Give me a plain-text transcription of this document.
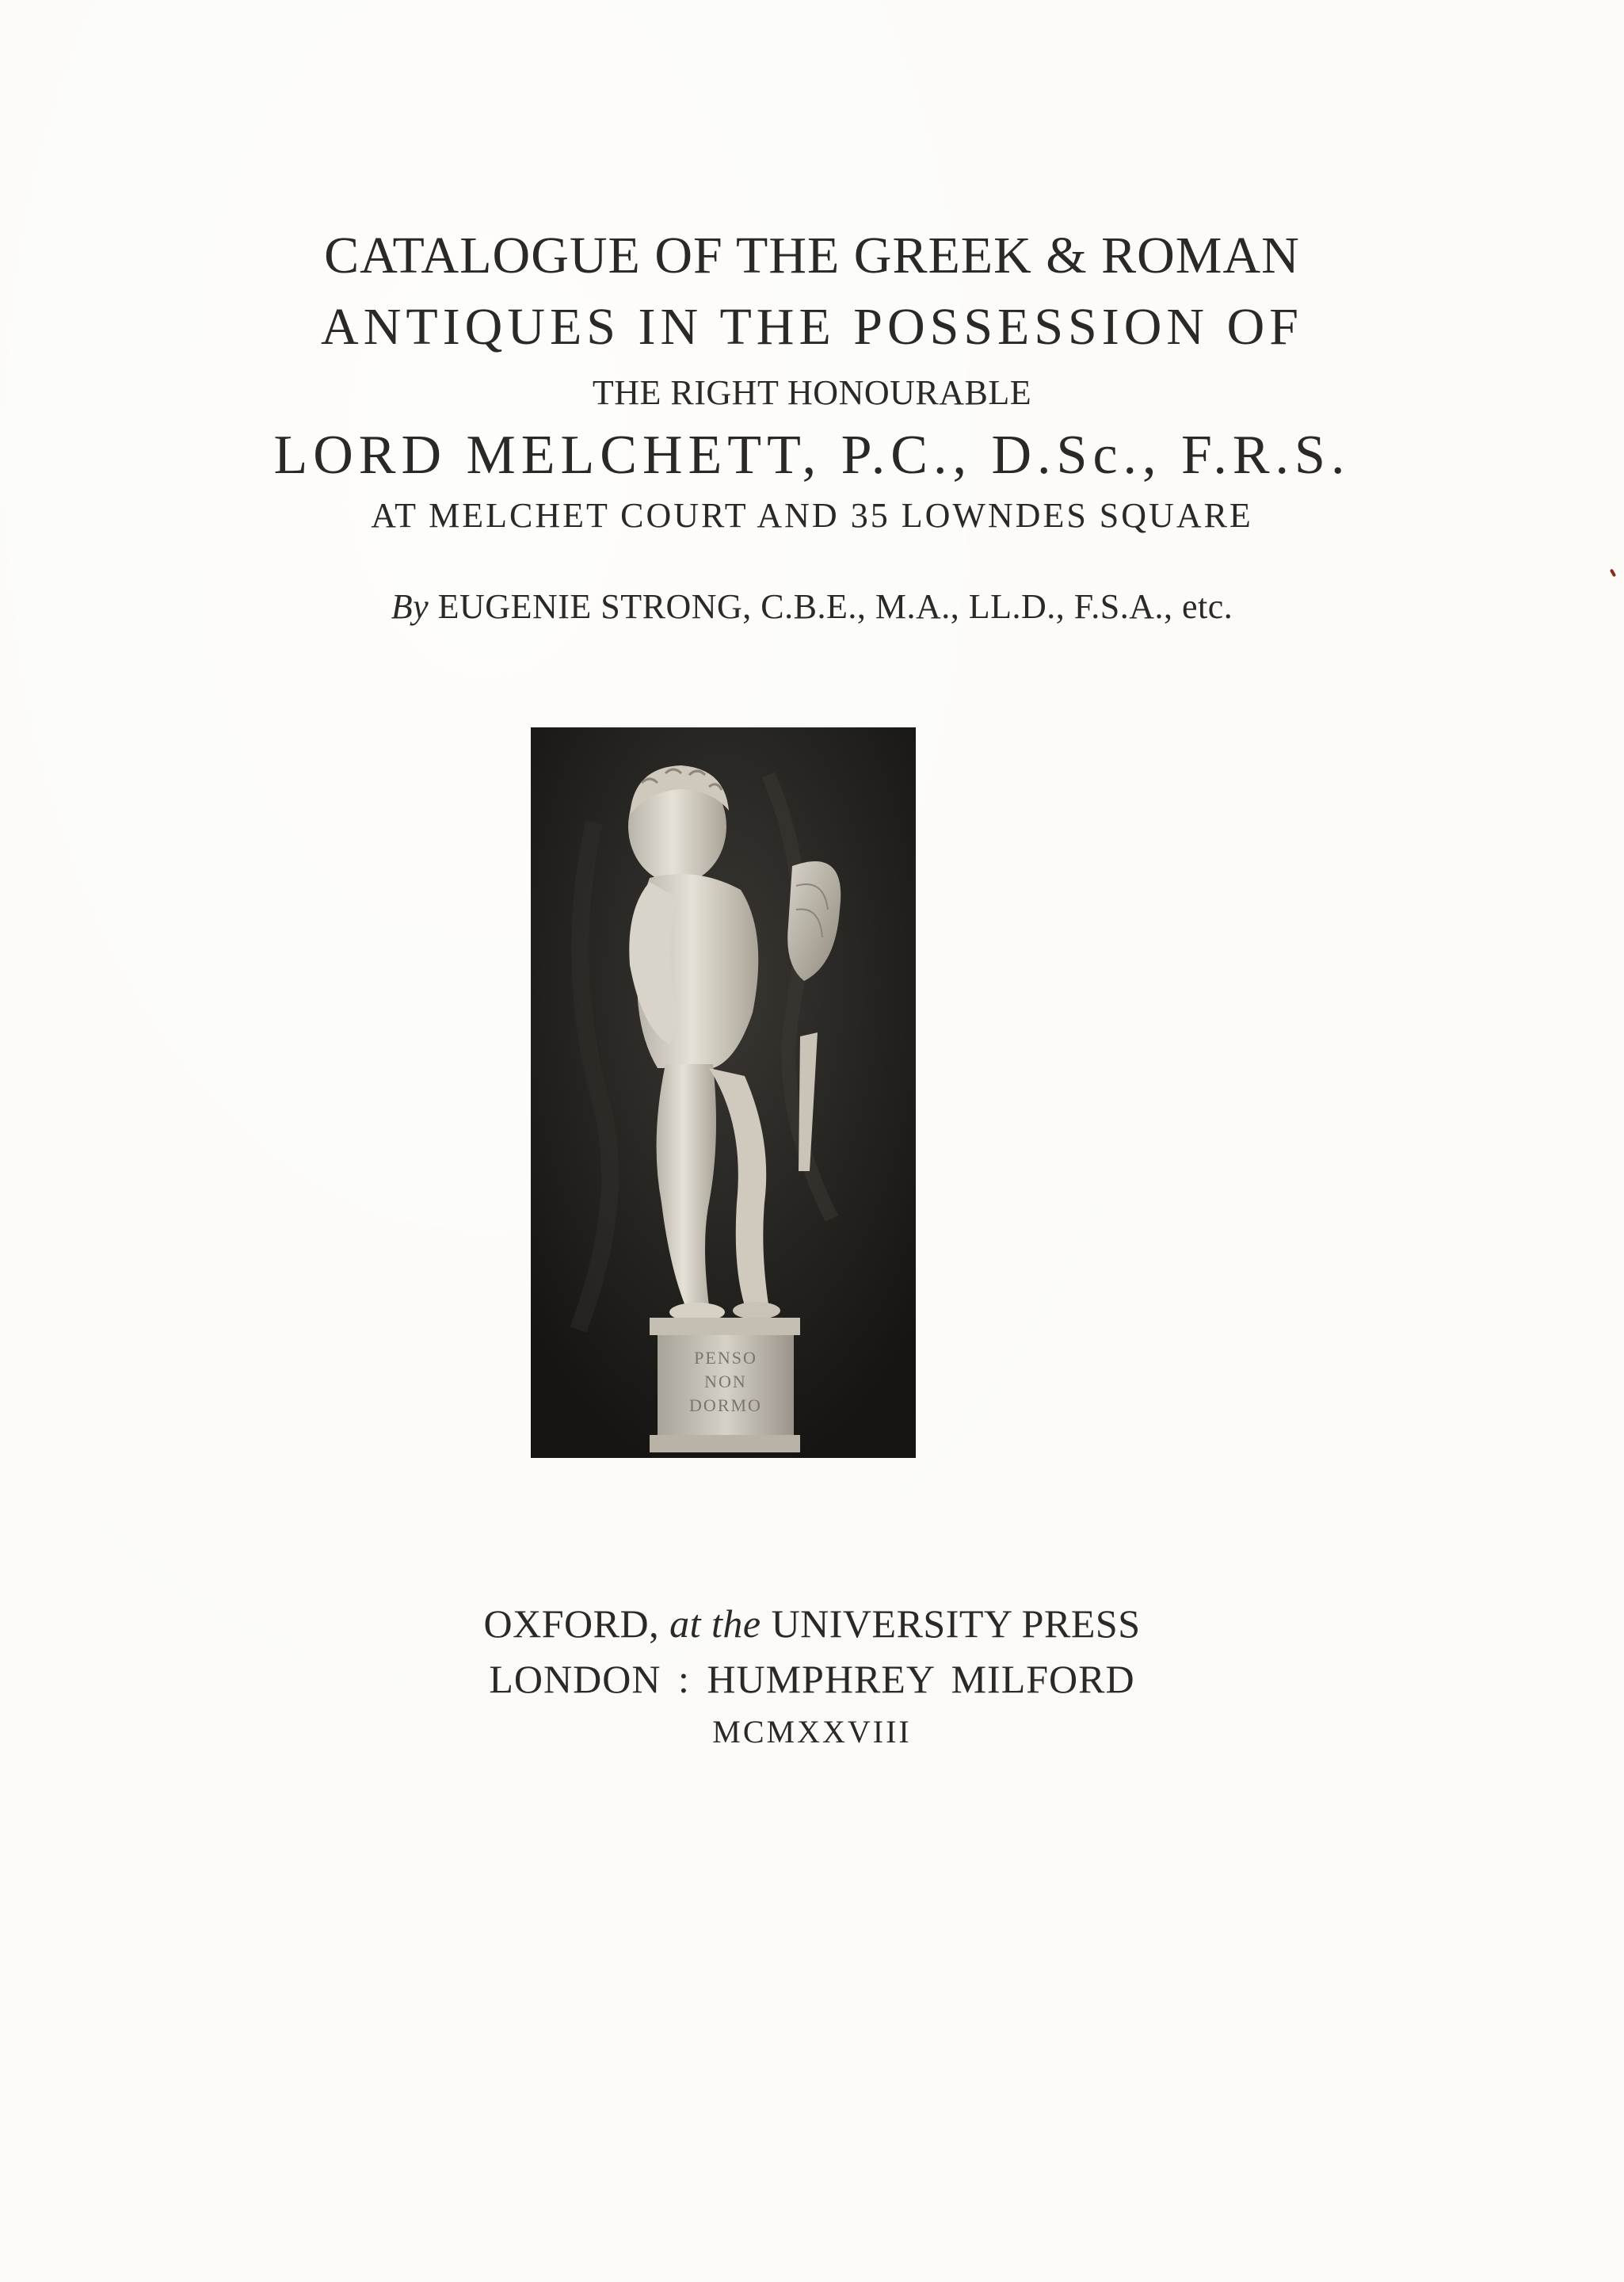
CATALOGUE OF THE GREEK & ROMAN
ANTIQUES IN THE POSSESSION OF
THE RIGHT HONOURABLE
LORD MELCHETT, P.C., D.Sc., F.R.S.
AT MELCHET COURT AND 35 LOWNDES SQUARE
By EUGENIE STRONG, C.B.E., M.A., LL.D., F.S.A., etc.
PENSO
NON
DORMO
OXFORD, at the UNIVERSITY PRESS
LONDON : HUMPHREY MILFORD
MCMXXVIII
